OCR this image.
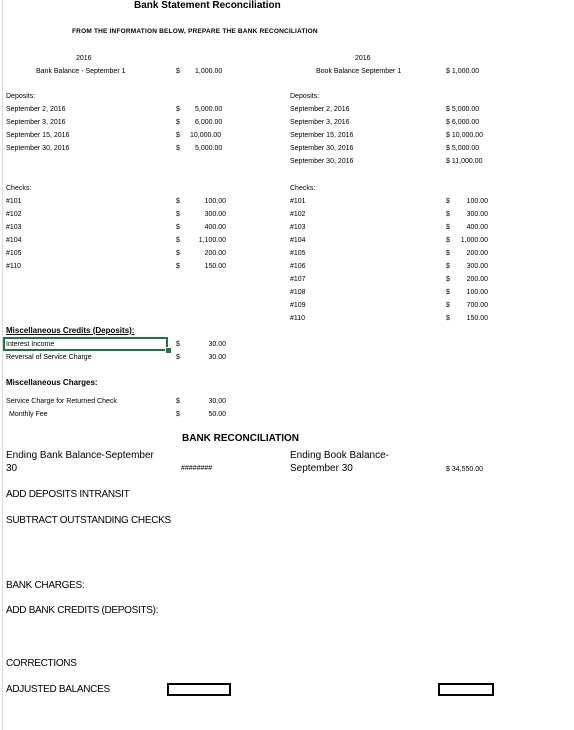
Bank Statement Reconciliation
FROM THE INFORMATION BELOW, PREPARE THE BANK RECONCILIATION
2016
Bank Balance - September 1	$ 1,000.00
2016
Book Balance September 1	$ 1,000.00
Deposits:
September 2, 2016	$ 5,000.00
September 3, 2016	$ 6,000.00
September 15, 2016	$ 10,000.00
September 30, 2016	$ 5,000.00
Deposits:
September 2, 2016	$ 5,000.00
September 3, 2016	$ 6,000.00
September 15, 2016	$ 10,000.00
September 30, 2016	$ 5,000.00
September 30, 2016	$ 11,000.00
Checks:
#101	$	100.00
#102	$	300.00
#103	$	400.00
#104	$	1,100.00
#105	$	200.00
#110	$	150.00
Checks:
#101	$	100.00
#102	$	300.00
#103	$	400.00
#104	$	1,000.00
#105	$	200.00
#106	$	300.00
#107	$	200.00
#108	$	100.00
#109	$	700.00
#110	$	150.00
Miscellaneous Credits (Deposits):
Interest Income	$	30.00
Reversal of Service Charge	$	30.00
Miscellaneous Charges:
Service Charge for Returned Check	$	30.00
Monthly Fee	$	50.00
BANK RECONCILIATION
Ending Bank Balance-September
30	########
Ending Book Balance-
September 30	$ 34,550.00
ADD DEPOSITS INTRANSIT
SUBTRACT OUTSTANDING CHECKS
BANK CHARGES:
ADD BANK CREDITS (DEPOSITS):
CORRECTIONS
ADJUSTED BALANCES
